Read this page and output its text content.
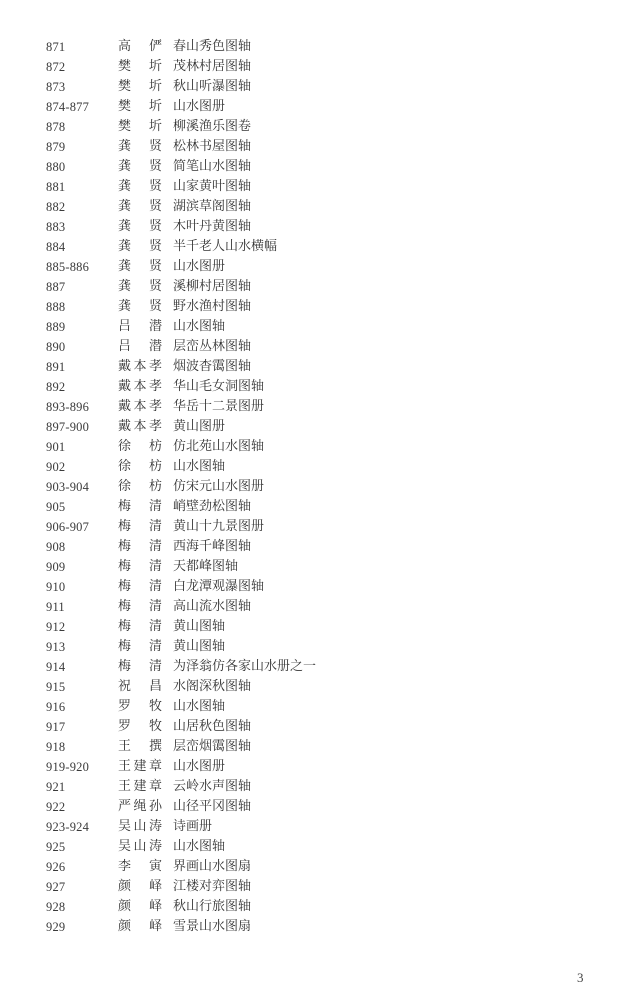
871	高俨 春山秀色图轴
872	樊圻 茂林村居图轴
873	樊圻 秋山听瀑图轴
874-877 樊圻 山水图册
878	樊圻 柳溪渔乐图卷
879	龚贤 松林书屋图轴
880	龚贤 简笔山水图轴
881	龚贤 山家黄叶图轴
882	龚贤 湖滨草阁图轴
883	龚贤 木叶丹黄图轴
884	龚贤 半千老人山水横幅
885-886 龚贤 山水图册
887	龚贤 溪柳村居图轴
888	龚贤 野水渔村图轴
889	吕潜 山水图轴
890	吕潜 层峦丛林图轴
891	戴本孝 烟波杳霭图轴
892	戴本孝 华山毛女洞图轴
893-896 戴本孝 华岳十二景图册
897-900 戴本孝 黄山图册
901	徐枋 仿北苑山水图轴
902	徐枋 山水图轴
903-904 徐枋 仿宋元山水图册
905	梅清 峭壁劲松图轴
906-907 梅清 黄山十九景图册
908	梅清 西海千峰图轴
909	梅清 天都峰图轴
910	梅清 白龙潭观瀑图轴
911	梅清 高山流水图轴
912	梅清 黄山图轴
913	梅清 黄山图轴
914	梅清 为泽翁仿各家山水册之一
915	祝昌 水阁深秋图轴
916	罗牧 山水图轴
917	罗牧 山居秋色图轴
918	王撰 层峦烟霭图轴
919-920 王建章 山水图册
921	王建章 云岭水声图轴
922	严绳孙 山径平冈图轴
923-924 吴山涛 诗画册
925	吴山涛 山水图轴
926	李寅 界画山水图扇
927	颜峄 江楼对弈图轴
928	颜峄 秋山行旅图轴
929	颜峄 雪景山水图扇
3
